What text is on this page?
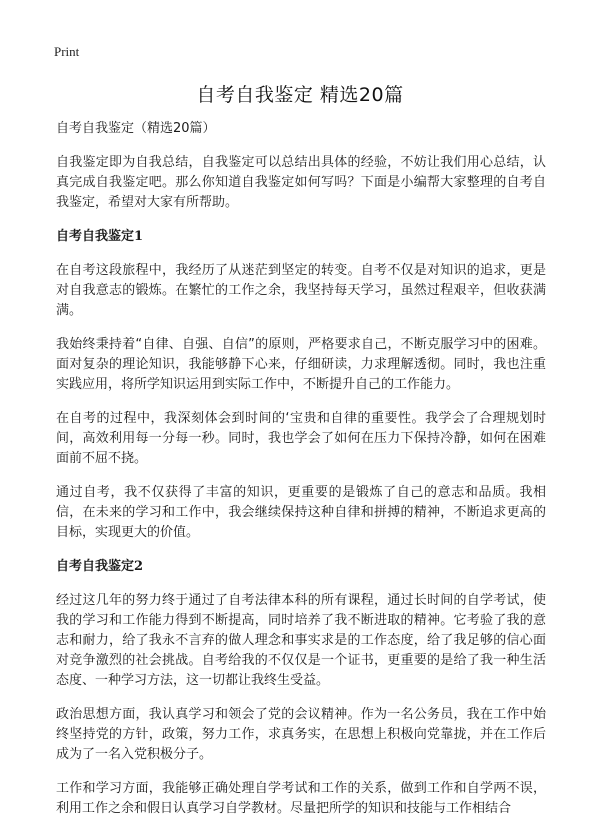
Print
自考自我鉴定 精选20篇

自考自我鉴定（精选20篇）

自我鉴定即为自我总结，自我鉴定可以总结出具体的经验，不妨让我们用心总结，认真完成自我鉴定吧。那么你知道自我鉴定如何写吗？下面是小编帮大家整理的自考自我鉴定，希望对大家有所帮助。

自考自我鉴定1

在自考这段旅程中，我经历了从迷茫到坚定的转变。自考不仅是对知识的追求，更是对自我意志的锻炼。在繁忙的工作之余，我坚持每天学习，虽然过程艰辛，但收获满满。

我始终秉持着“自律、自强、自信”的原则，严格要求自己，不断克服学习中的困难。面对复杂的理论知识，我能够静下心来，仔细研读，力求理解透彻。同时，我也注重实践应用，将所学知识运用到实际工作中，不断提升自己的工作能力。

在自考的过程中，我深刻体会到时间的‘宝贵和自律的重要性。我学会了合理规划时间，高效利用每一分每一秒。同时，我也学会了如何在压力下保持冷静，如何在困难面前不屈不挠。

通过自考，我不仅获得了丰富的知识，更重要的是锻炼了自己的意志和品质。我相信，在未来的学习和工作中，我会继续保持这种自律和拼搏的精神，不断追求更高的目标，实现更大的价值。

自考自我鉴定2

经过这几年的努力终于通过了自考法律本科的所有课程，通过长时间的自学考试，使我的学习和工作能力得到不断提高，同时培养了我不断进取的精神。它考验了我的意志和耐力，给了我永不言弃的做人理念和事实求是的工作态度，给了我足够的信心面对竞争激烈的社会挑战。自考给我的不仅仅是一个证书，更重要的是给了我一种生活态度、一种学习方法，这一切都让我终生受益。

政治思想方面，我认真学习和领会了党的会议精神。作为一名公务员，我在工作中始终坚持党的方针，政策，努力工作，求真务实，在思想上积极向党靠拢，并在工作后成为了一名入党积极分子。

工作和学习方面，我能够正确处理自学考试和工作的关系，做到工作和自学两不误，利用工作之余和假日认真学习自学教材。尽量把所学的知识和技能与工作相结合
